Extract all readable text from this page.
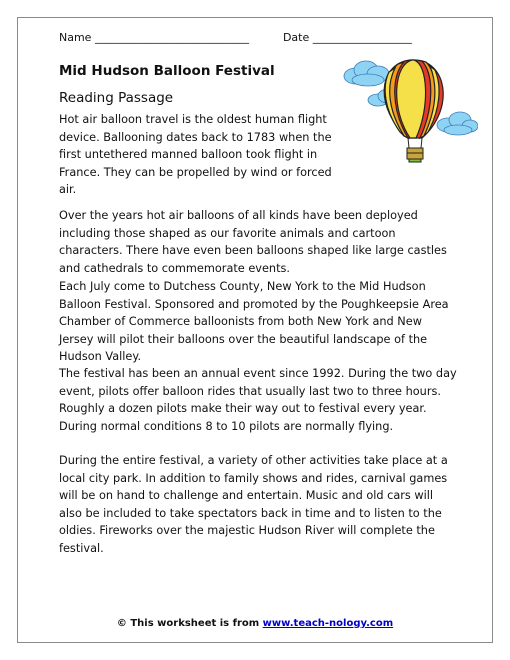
Name ____________________________	Date __________________
Mid Hudson Balloon Festival
Reading Passage

Hot air balloon travel is the oldest human flight device. Ballooning dates back to 1783 when the first untethered manned balloon took flight in France. They can be propelled by wind or forced air.

Over the years hot air balloons of all kinds have been deployed including those shaped as our favorite animals and cartoon characters. There have even been balloons shaped like large castles and cathedrals to commemorate events.

Each July come to Dutchess County, New York to the Mid Hudson Balloon Festival. Sponsored and promoted by the Poughkeepsie Area Chamber of Commerce balloonists from both New York and New Jersey will pilot their balloons over the beautiful landscape of the Hudson Valley.

The festival has been an annual event since 1992. During the two day event, pilots offer balloon rides that usually last two to three hours. Roughly a dozen pilots make their way out to festival every year. During normal conditions 8 to 10 pilots are normally flying.

During the entire festival, a variety of other activities take place at a local city park. In addition to family shows and rides, carnival games will be on hand to challenge and entertain. Music and old cars will also be included to take spectators back in time and to listen to the oldies. Fireworks over the majestic Hudson River will complete the festival.

© This worksheet is from www.teach-nology.com
